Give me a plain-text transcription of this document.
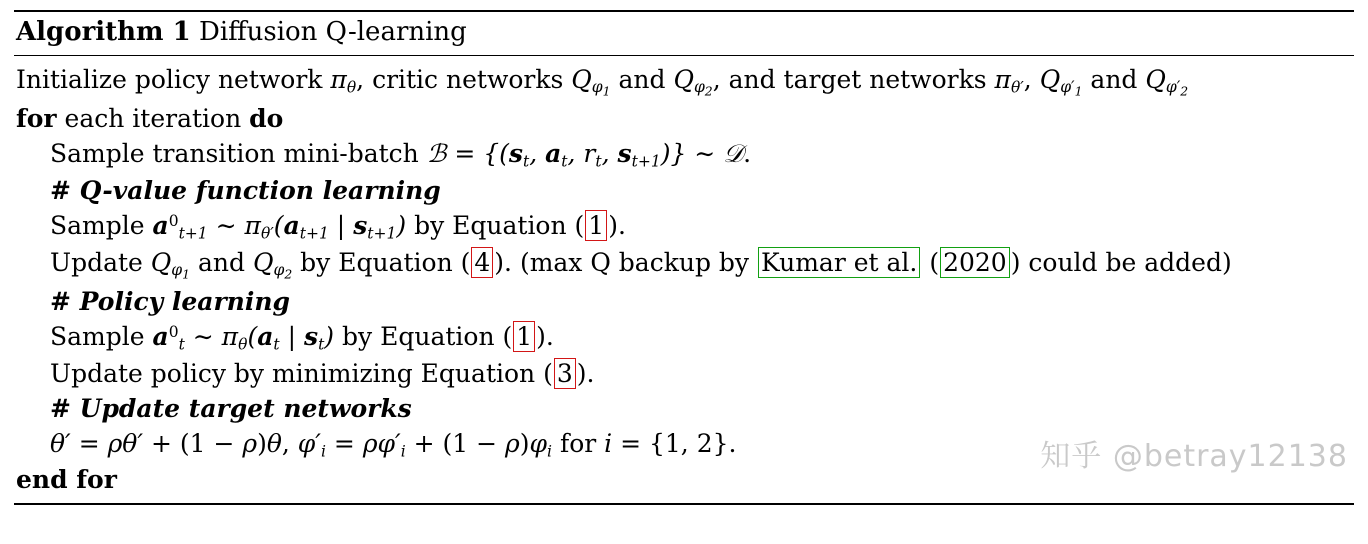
Algorithm 1 Diffusion Q-learning
Initialize policy network $\pi_\theta$, critic networks $Q_{\varphi_1}$ and $Q_{\varphi_2}$, and target networks $\pi_{\theta'}$, $Q_{\varphi'_1}$ and $Q_{\varphi'_2}$
for each iteration do
Sample transition mini-batch ℬ = {($s_t$, $a_t$, $r_t$, $s_{t+1}$)} ∼ 𝒟.
# Q-value function learning
Sample $a^0_{t+1}$ ∼ $\pi_{\theta'}(a_{t+1}$ | $s_{t+1}$) by Equation ( 1 ).
Update $Q_{\varphi_1}$ and $Q_{\varphi_2}$ by Equation ( 4 ). (max Q backup by Kumar et al. ( 2020 ) could be added)
# Policy learning
Sample $a^0_t$ ∼ $\pi_\theta(a_t$ | $s_t$) by Equation ( 1 ).
Update policy by minimizing Equation ( 3 ).
# Update target networks
θ′ = ρθ′ + (1 − ρ)θ, $\varphi'_i = \rho\varphi'_i + (1 - \rho)\varphi_i$ for i = {1, 2}.
end for
知乎 @betray12138
